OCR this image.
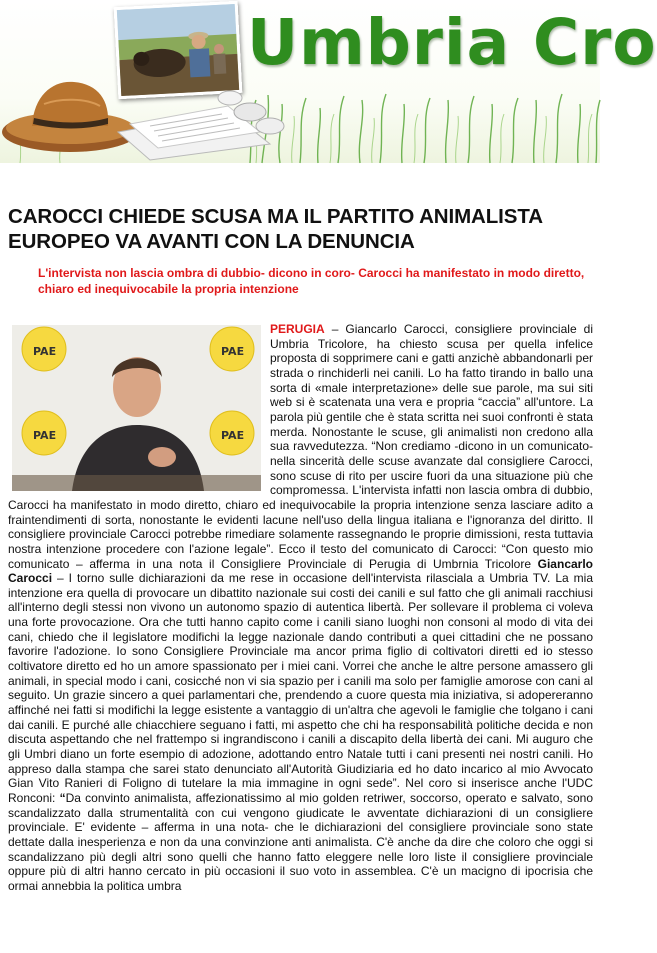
Umbria Cro
CAROCCI CHIEDE SCUSA MA IL PARTITO ANIMALISTA EUROPEO VA AVANTI CON LA DENUNCIA
L'intervista non lascia ombra di dubbio- dicono in coro- Carocci ha manifestato in modo diretto, chiaro ed inequivocabile la propria intenzione
PAE	PAE
PAE	PAE

PERUGIA – Giancarlo Carocci, consigliere provinciale di Umbria Tricolore, ha chiesto scusa per quella infelice proposta di sopprimere cani e gatti anzichè abbandonarli per strada o rinchiderli nei canili. Lo ha fatto tirando in ballo una sorta di «male interpretazione» delle sue parole, ma sui siti web si è scatenata una vera e propria “caccia” all'untore. La parola più gentile che è stata scritta nei suoi confronti è stata merda. Nonostante le scuse, gli animalisti non credono alla sua ravvedutezza. “Non crediamo -dicono in un comunicato- nella sincerità delle scuse avanzate dal consigliere Carocci, sono scuse di rito per uscire fuori da una situazione più che compromessa. L'intervista infatti non lascia ombra di dubbio, Carocci ha manifestato in modo diretto, chiaro ed inequivocabile la propria intenzione senza lasciare adito a fraintendimenti di sorta, nonostante le evidenti lacune nell'uso della lingua italiana e l'ignoranza del diritto. Il consigliere provinciale Carocci potrebbe rimediare solamente rassegnando le proprie dimissioni, resta tuttavia nostra intenzione procedere con l'azione legale”. Ecco il testo del comunicato di Carocci: “Con questo mio comunicato – afferma in una nota il Consigliere Provinciale di Perugia di Umbrnia Tricolore Giancarlo Carocci – I torno sulle dichiarazioni da me rese in occasione dell'intervista rilasciala a Umbria TV. La mia intenzione era quella di provocare un dibattito nazionale sui costi dei canili e sul fatto che gli animali racchiusi all'interno degli stessi non vivono un autonomo spazio di autentica libertà. Per sollevare il problema ci voleva una forte provocazione. Ora che tutti hanno capito come i canili siano luoghi non consoni al modo di vita dei cani, chiedo che il legislatore modifichi la legge nazionale dando contributi a quei cittadini che ne possano favorire l'adozione. Io sono Consigliere Provinciale ma ancor prima figlio di coltivatori diretti ed io stesso coltivatore diretto ed ho un amore spassionato per i miei cani. Vorrei che anche le altre persone amassero gli animali, in special modo i cani, cosicché non vi sia spazio per i canili ma solo per famiglie amorose con cani al seguito. Un grazie sincero a quei parlamentari che, prendendo a cuore questa mia iniziativa, si adopereranno affinché nei fatti si modifichi la legge esistente a vantaggio di un'altra che agevoli le famiglie che tolgano i cani dai canili. E purché alle chiacchiere seguano i fatti, mi aspetto che chi ha responsabilità politiche decida e non discuta aspettando che nel frattempo si ingrandiscono i canili a discapito della libertà dei cani. Mi auguro che gli Umbri diano un forte esempio di adozione, adottando entro Natale tutti i cani presenti nei nostri canili. Ho appreso dalla stampa che sarei stato denunciato all'Autorità Giudiziaria ed ho dato incarico al mio Avvocato Gian Vito Ranieri di Foligno di tutelare la mia immagine in ogni sede”. Nel coro si inserisce anche l'UDC Ronconi: “Da convinto animalista, affezionatissimo al mio golden retriwer, soccorso, operato e salvato, sono scandalizzato dalla strumentalità con cui vengono giudicate le avventate dichiarazioni di un consigliere provinciale. E' evidente – afferma in una nota- che le dichiarazioni del consigliere provinciale sono state dettate dalla inesperienza e non da una convinzione anti animalista. C'è anche da dire che coloro che oggi si scandalizzano più degli altri sono quelli che hanno fatto eleggere nelle loro liste il consigliere provinciale oppure più di altri hanno cercato in più occasioni il suo voto in assemblea. C'è un macigno di ipocrisia che ormai annebbia la politica umbra
